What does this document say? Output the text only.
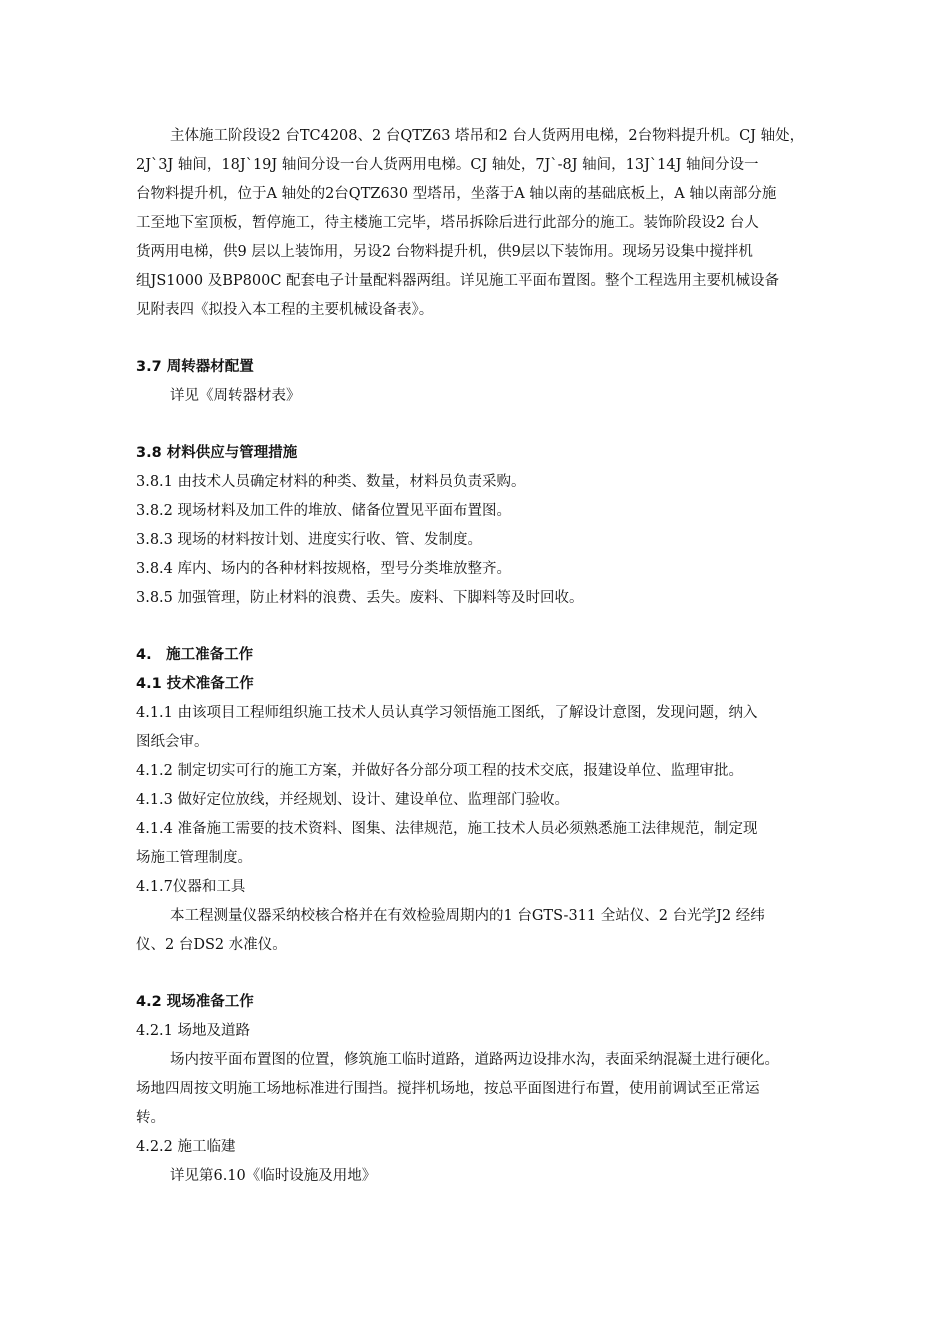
主体施工阶段设2 台TC4208、2 台QTZ63 塔吊和2 台人货两用电梯，2台物料提升机。CJ 轴处，
2J`3J 轴间，18J`19J 轴间分设一台人货两用电梯。CJ 轴处，7J`-8J 轴间，13J`14J 轴间分设一
台物料提升机，位于A 轴处的2台QTZ630 型塔吊，坐落于A 轴以南的基础底板上，A 轴以南部分施
工至地下室顶板，暂停施工，待主楼施工完毕，塔吊拆除后进行此部分的施工。装饰阶段设2 台人
货两用电梯，供9 层以上装饰用，另设2 台物料提升机，供9层以下装饰用。现场另设集中搅拌机
组JS1000 及BP800C 配套电子计量配料器两组。详见施工平面布置图。整个工程选用主要机械设备
见附表四《拟投入本工程的主要机械设备表》。
3.7 周转器材配置
详见《周转器材表》
3.8 材料供应与管理措施
3.8.1 由技术人员确定材料的种类、数量，材料员负责采购。
3.8.2 现场材料及加工件的堆放、储备位置见平面布置图。
3.8.3 现场的材料按计划、进度实行收、管、发制度。
3.8.4 库内、场内的各种材料按规格，型号分类堆放整齐。
3.8.5 加强管理，防止材料的浪费、丢失。废料、下脚料等及时回收。
4.　施工准备工作
4.1 技术准备工作
4.1.1 由该项目工程师组织施工技术人员认真学习领悟施工图纸，了解设计意图，发现问题，纳入
图纸会审。
4.1.2 制定切实可行的施工方案，并做好各分部分项工程的技术交底，报建设单位、监理审批。
4.1.3 做好定位放线，并经规划、设计、建设单位、监理部门验收。
4.1.4 准备施工需要的技术资料、图集、法律规范，施工技术人员必须熟悉施工法律规范，制定现
场施工管理制度。
4.1.7仪器和工具
本工程测量仪器采纳校核合格并在有效检验周期内的1 台GTS-311 全站仪、2 台光学J2 经纬
仪、2 台DS2 水准仪。
4.2 现场准备工作
4.2.1 场地及道路
场内按平面布置图的位置，修筑施工临时道路，道路两边设排水沟，表面采纳混凝土进行硬化。
场地四周按文明施工场地标准进行围挡。搅拌机场地，按总平面图进行布置，使用前调试至正常运
转。
4.2.2 施工临建
详见第6.10《临时设施及用地》
